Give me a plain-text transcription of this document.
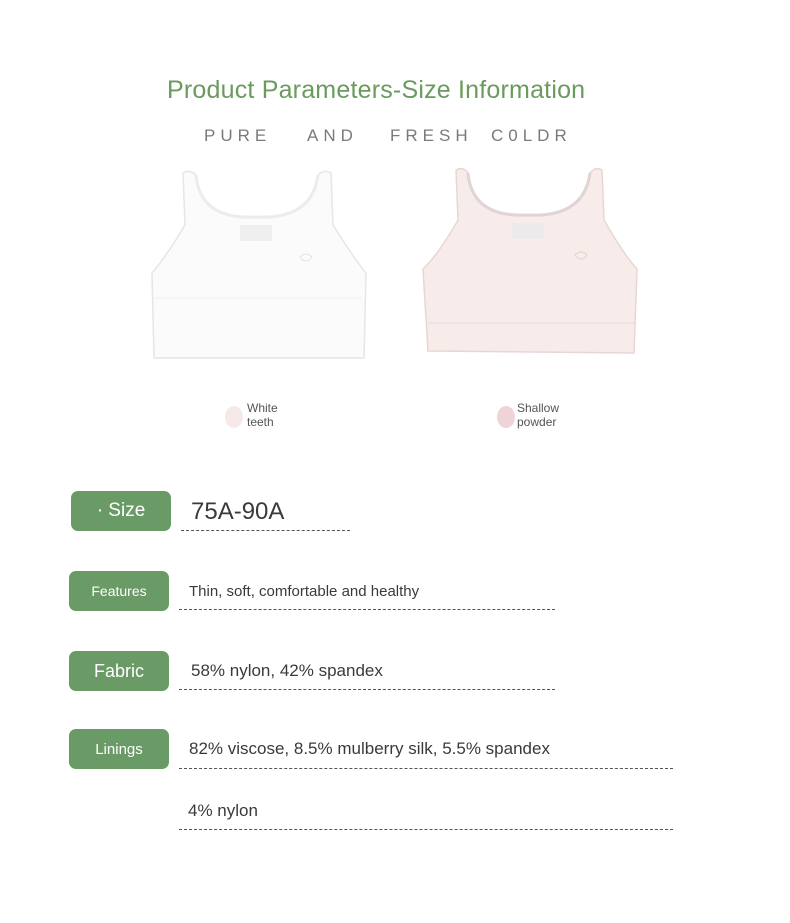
Product Parameters-Size Information
PURE AND FRESH C0LDR
White
teeth
Shallow
powder
· Size	75A-90A
Features	Thin, soft, comfortable and healthy
Fabric	58% nylon, 42% spandex
Linings	82% viscose, 8.5% mulberry silk, 5.5% spandex
4% nylon
